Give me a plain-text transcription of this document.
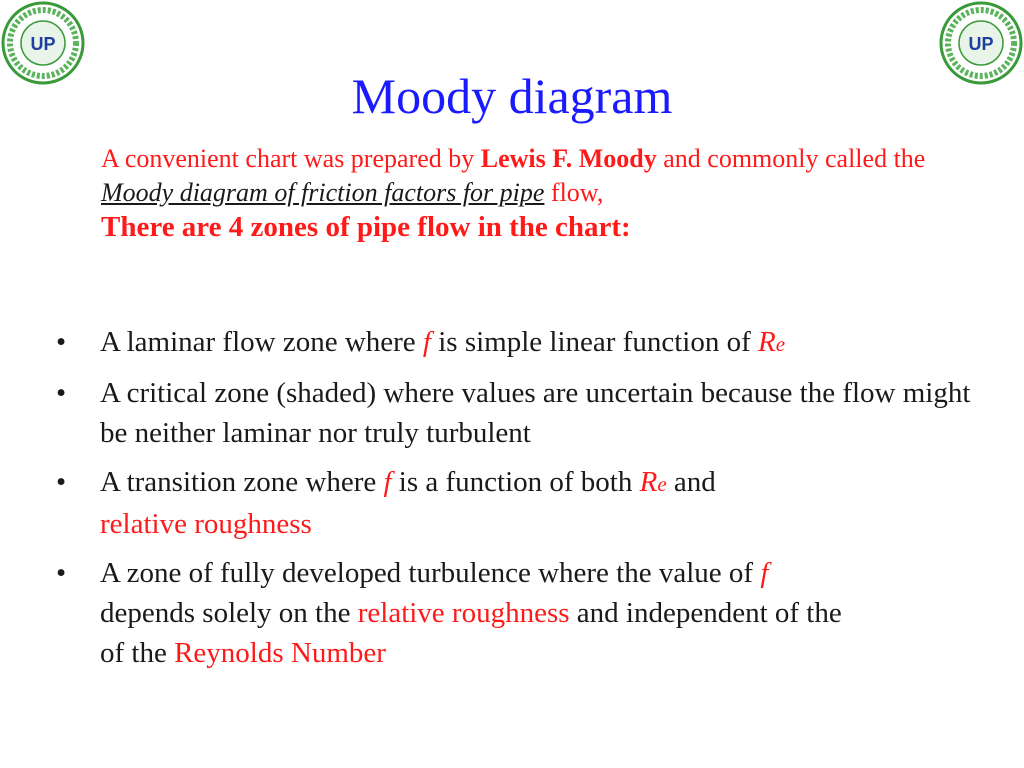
UP	UP
Moody diagram
A convenient chart was prepared by Lewis F. Moody and commonly called the Moody diagram of friction factors for pipe flow,
There are 4 zones of pipe flow in the chart:
• A laminar flow zone where f is simple linear function of Re
• A critical zone (shaded) where values are uncertain because the flow might be neither laminar nor truly turbulent
• A transition zone where f is a function of both Re and
relative roughness
• A zone of fully developed turbulence where the value of f
depends solely on the relative roughness and independent of the
of the Reynolds Number
